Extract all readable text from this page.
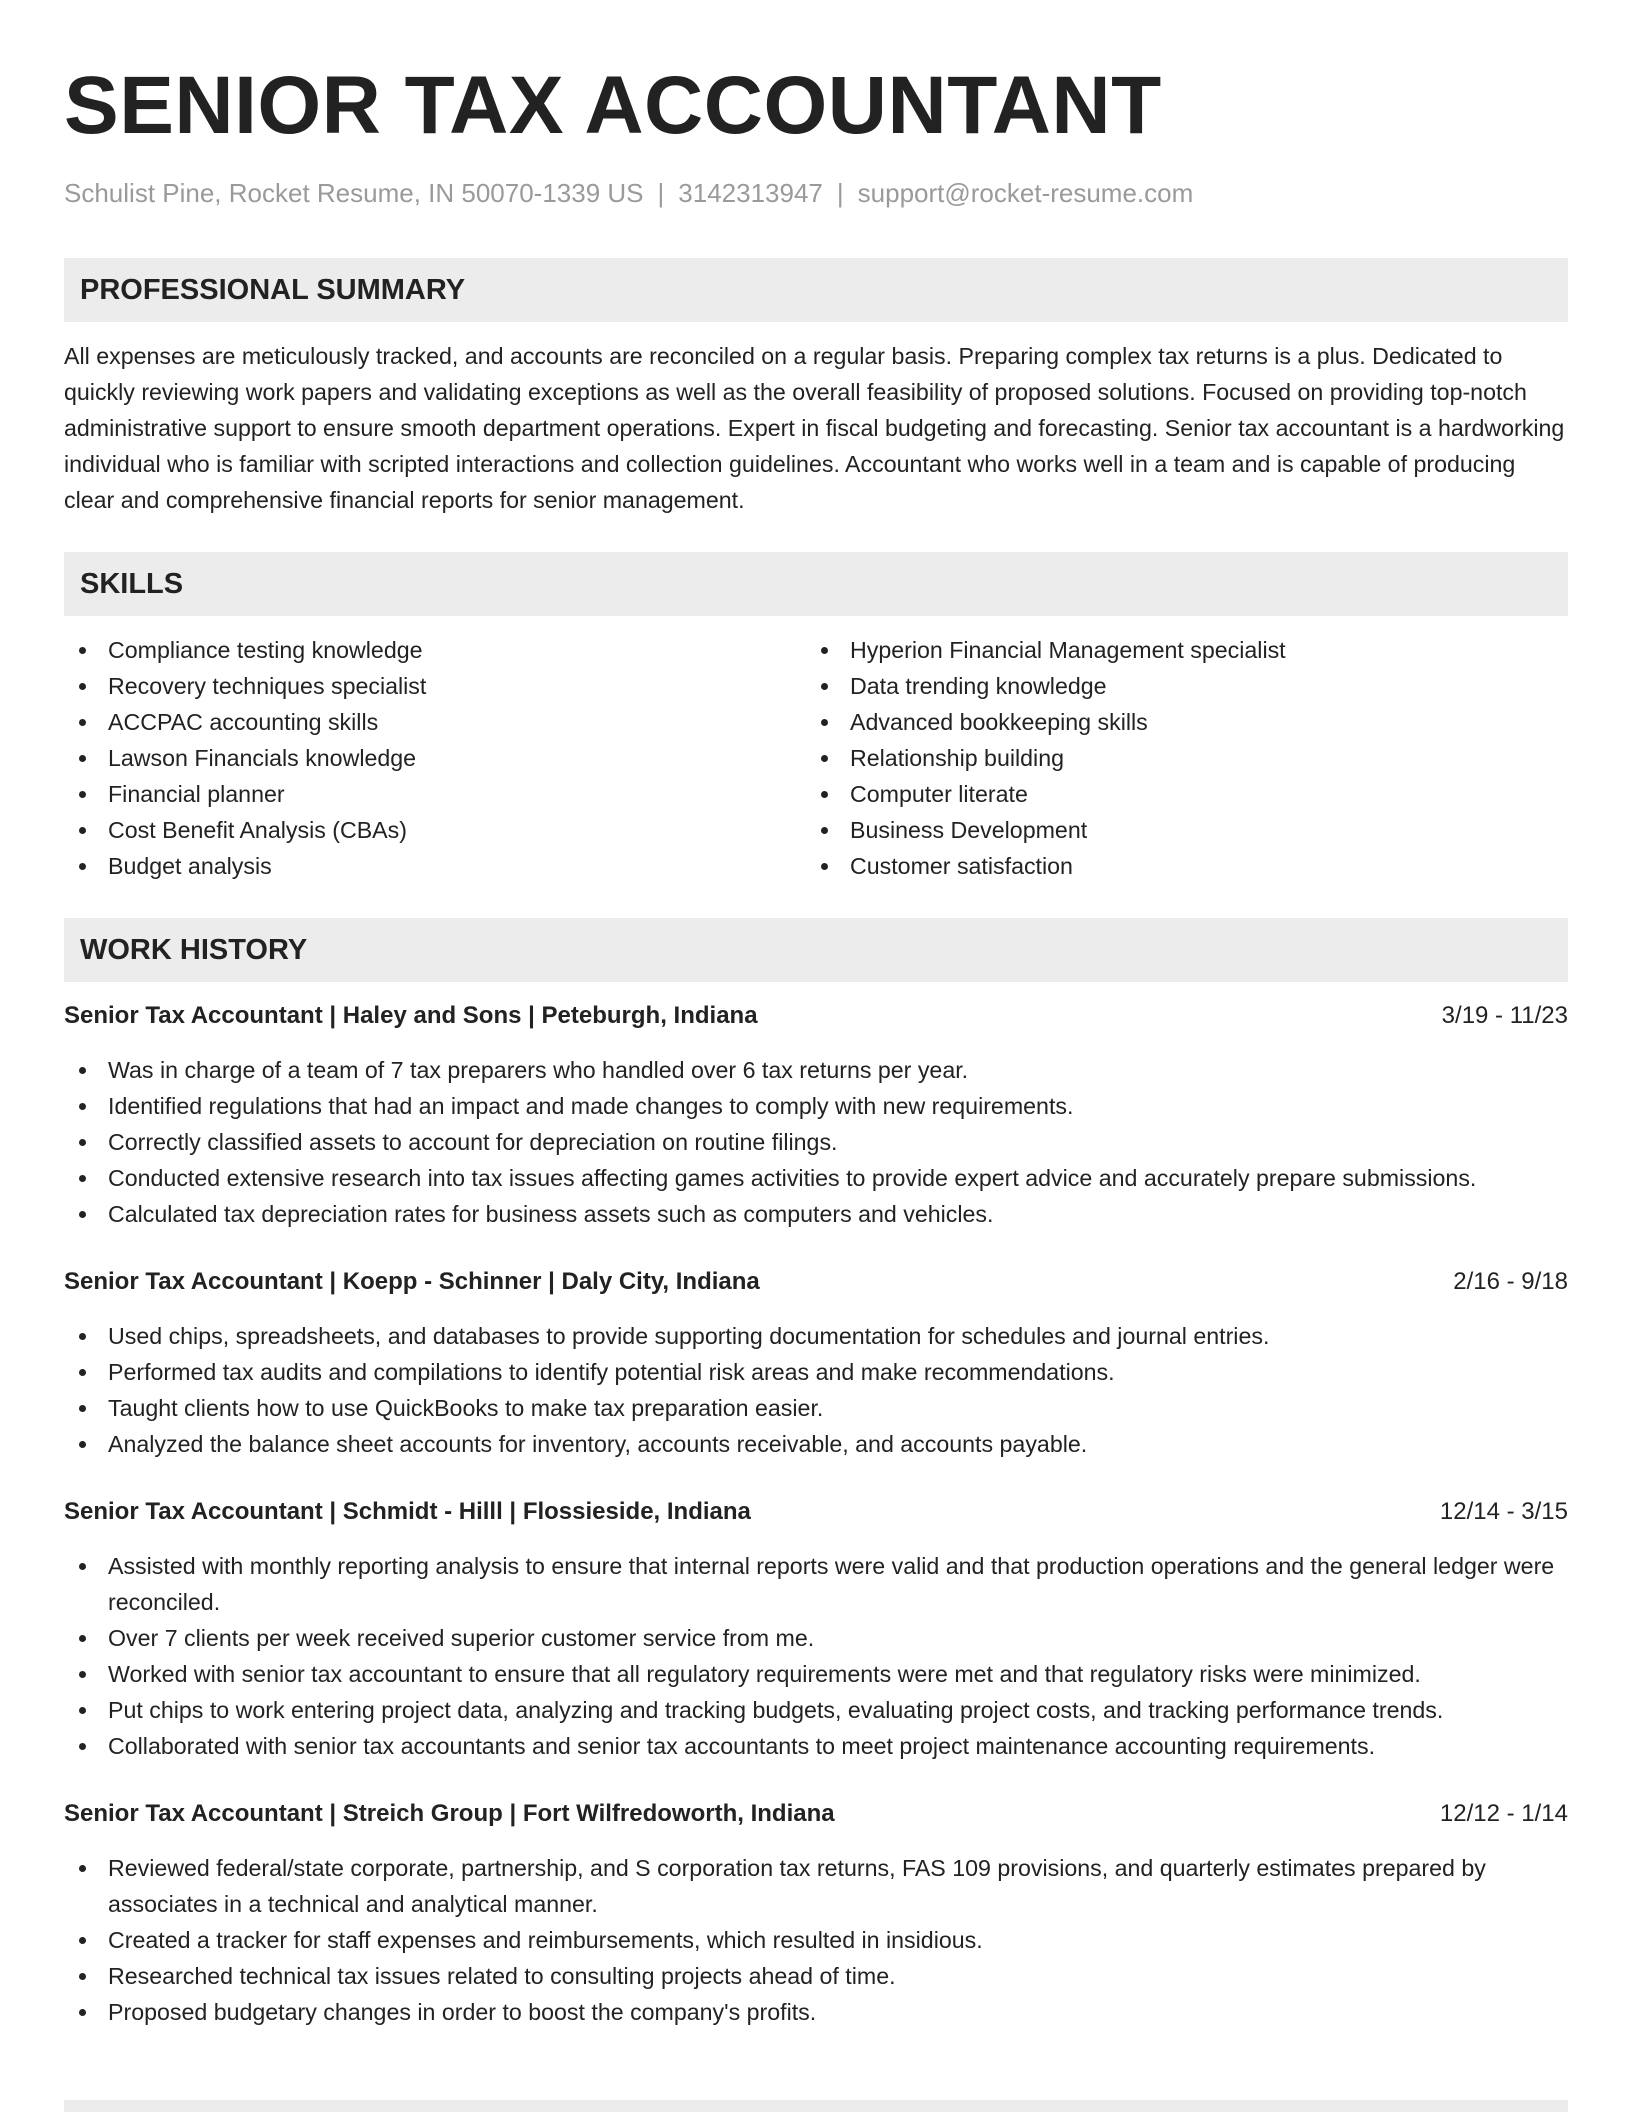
SENIOR TAX ACCOUNTANT
Schulist Pine, Rocket Resume, IN 50070-1339 US | 3142313947 | support@rocket-resume.com
PROFESSIONAL SUMMARY
All expenses are meticulously tracked, and accounts are reconciled on a regular basis. Preparing complex tax returns is a plus. Dedicated to quickly reviewing work papers and validating exceptions as well as the overall feasibility of proposed solutions. Focused on providing top-notch administrative support to ensure smooth department operations. Expert in fiscal budgeting and forecasting. Senior tax accountant is a hardworking individual who is familiar with scripted interactions and collection guidelines. Accountant who works well in a team and is capable of producing clear and comprehensive financial reports for senior management.
SKILLS
Compliance testing knowledge
Recovery techniques specialist
ACCPAC accounting skills
Lawson Financials knowledge
Financial planner
Cost Benefit Analysis (CBAs)
Budget analysis
Hyperion Financial Management specialist
Data trending knowledge
Advanced bookkeeping skills
Relationship building
Computer literate
Business Development
Customer satisfaction
WORK HISTORY
Senior Tax Accountant | Haley and Sons | Peteburgh, Indiana	3/19 - 11/23
Was in charge of a team of 7 tax preparers who handled over 6 tax returns per year.
Identified regulations that had an impact and made changes to comply with new requirements.
Correctly classified assets to account for depreciation on routine filings.
Conducted extensive research into tax issues affecting games activities to provide expert advice and accurately prepare submissions.
Calculated tax depreciation rates for business assets such as computers and vehicles.
Senior Tax Accountant | Koepp - Schinner | Daly City, Indiana	2/16 - 9/18
Used chips, spreadsheets, and databases to provide supporting documentation for schedules and journal entries.
Performed tax audits and compilations to identify potential risk areas and make recommendations.
Taught clients how to use QuickBooks to make tax preparation easier.
Analyzed the balance sheet accounts for inventory, accounts receivable, and accounts payable.
Senior Tax Accountant | Schmidt - Hilll | Flossieside, Indiana	12/14 - 3/15
Assisted with monthly reporting analysis to ensure that internal reports were valid and that production operations and the general ledger were reconciled.
Over 7 clients per week received superior customer service from me.
Worked with senior tax accountant to ensure that all regulatory requirements were met and that regulatory risks were minimized.
Put chips to work entering project data, analyzing and tracking budgets, evaluating project costs, and tracking performance trends.
Collaborated with senior tax accountants and senior tax accountants to meet project maintenance accounting requirements.
Senior Tax Accountant | Streich Group | Fort Wilfredoworth, Indiana	12/12 - 1/14
Reviewed federal/state corporate, partnership, and S corporation tax returns, FAS 109 provisions, and quarterly estimates prepared by associates in a technical and analytical manner.
Created a tracker for staff expenses and reimbursements, which resulted in insidious.
Researched technical tax issues related to consulting projects ahead of time.
Proposed budgetary changes in order to boost the company's profits.
